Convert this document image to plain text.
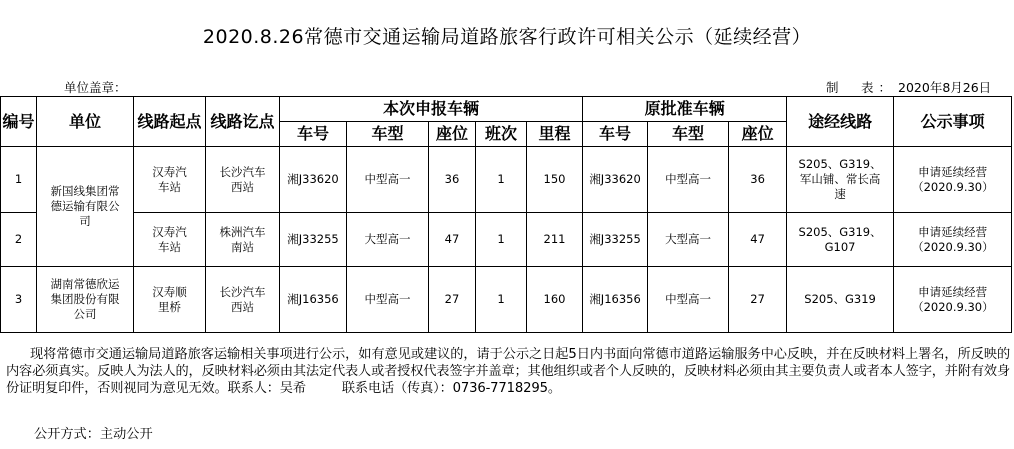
2020.8.26常德市交通运输局道路旅客行政许可相关公示（延续经营）
单位盖章：	制　表： 2020年8月26日
编号	单位	线路起点	线路讫点	本次申报车辆					原批准车辆			途经线路	公示事项
				车号	车型	座位	班次	里程	车号	车型	座位		
1	新国线集团常德运输有限公司	汉寿汽车站	长沙汽车西站	湘J33620	中型高一	36	1	150	湘J33620	中型高一	36	S205、G319、军山铺、常长高速	申请延续经营（2020.9.30）
2		汉寿汽车站	株洲汽车南站	湘J33255	大型高一	47	1	211	湘J33255	大型高一	47	S205、G319、G107	申请延续经营（2020.9.30）
3	湖南常德欣运集团股份有限公司	汉寿顺里桥	长沙汽车西站	湘J16356	中型高一	27	1	160	湘J16356	中型高一	27	S205、G319	申请延续经营（2020.9.30）

现将常德市交通运输局道路旅客运输相关事项进行公示，如有意见或建议的，请于公示之日起5日内书面向常德市道路运输服务中心反映，并在反映材料上署名，所反映的内容必须真实。反映人为法人的，反映材料必须由其法定代表人或者授权代表签字并盖章；其他组织或者个人反映的，反映材料必须由其主要负责人或者本人签字，并附有效身份证明复印件，否则视同为意见无效。联系人：吴希	联系电话（传真）：0736-7718295。

公开方式：主动公开
